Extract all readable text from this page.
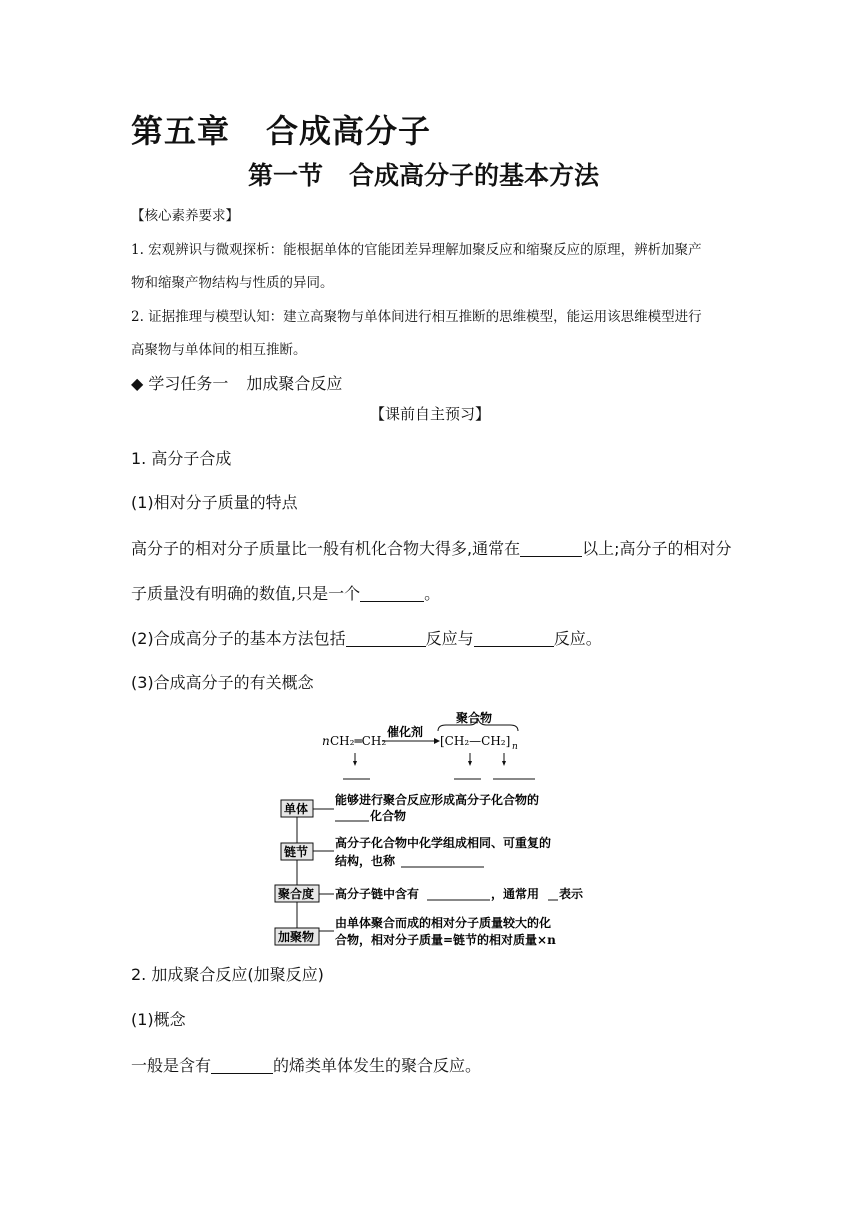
第五章 合成高分子
第一节 合成高分子的基本方法
【核心素养要求】
1. 宏观辨识与微观探析：能根据单体的官能团差异理解加聚反应和缩聚反应的原理，辨析加聚产
物和缩聚产物结构与性质的异同。
2. 证据推理与模型认知：建立高聚物与单体间进行相互推断的思维模型，能运用该思维模型进行
高聚物与单体间的相互推断。
◆ 学习任务一 加成聚合反应
【课前自主预习】
1. 高分子合成
(1)相对分子质量的特点
高分子的相对分子质量比一般有机化合物大得多,通常在	以上;高分子的相对分
子质量没有明确的数值,只是一个	。
(2)合成高分子的基本方法包括	反应与	反应。
(3)合成高分子的有关概念
n CH₂═CH₂
催化剂
聚合物
[CH₂—CH₂] n
单体
能够进行聚合反应形成高分子化合物的
化合物
链节
高分子化合物中化学组成相同、可重复的
结构，也称
聚合度 高分子链中含有	，通常用 表示
加聚物
由单体聚合而成的相对分子质量较大的化
合物，相对分子质量=链节的相对质量×n
2. 加成聚合反应(加聚反应)
(1)概念
一般是含有	的烯类单体发生的聚合反应。
